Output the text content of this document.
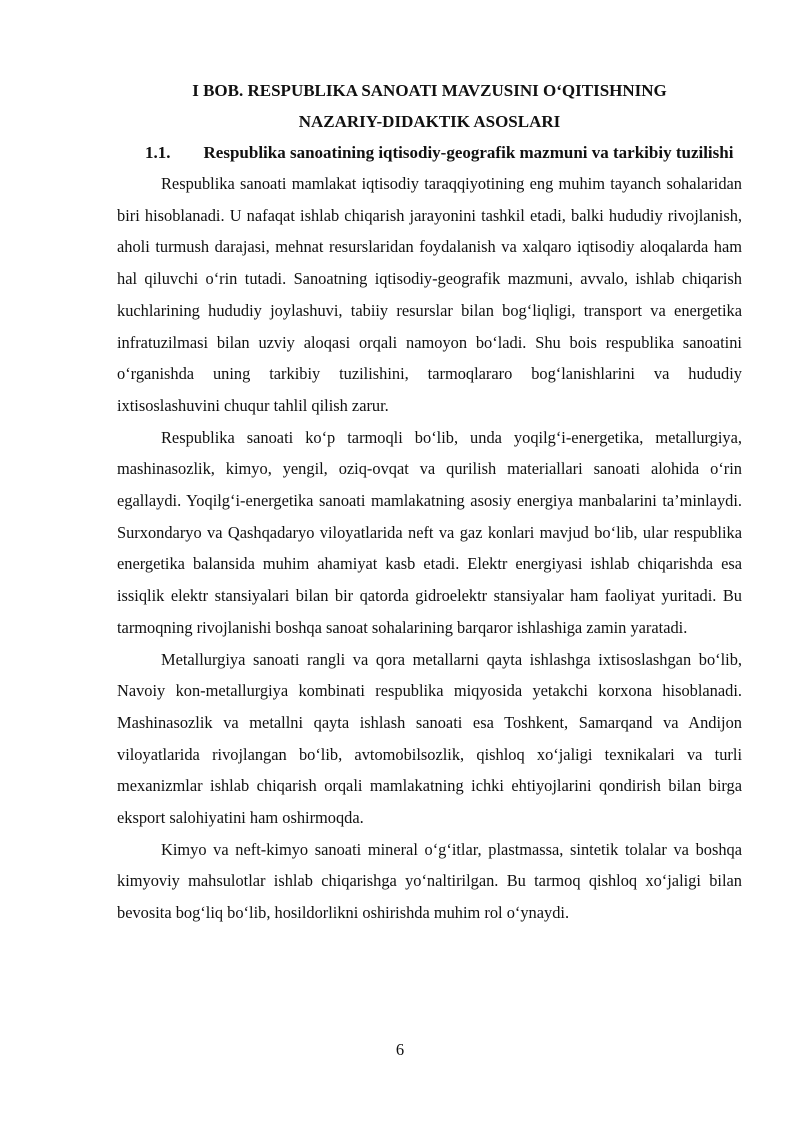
I BOB. RESPUBLIKA SANOATI MAVZUSINI O‘QITISHNING

NAZARIY-DIDAKTIK ASOSLARI

1.1.	Respublika sanoatining iqtisodiy-geografik mazmuni va tarkibiy tuzilishi

Respublika sanoati mamlakat iqtisodiy taraqqiyotining eng muhim tayanch sohalaridan biri hisoblanadi. U nafaqat ishlab chiqarish jarayonini tashkil etadi, balki hududiy rivojlanish, aholi turmush darajasi, mehnat resurslaridan foydalanish va xalqaro iqtisodiy aloqalarda ham hal qiluvchi o‘rin tutadi. Sanoatning iqtisodiy-geografik mazmuni, avvalo, ishlab chiqarish kuchlarining hududiy joylashuvi, tabiiy resurslar bilan bog‘liqligi, transport va energetika infratuzilmasi bilan uzviy aloqasi orqali namoyon bo‘ladi. Shu bois respublika sanoatini o‘rganishda uning tarkibiy tuzilishini, tarmoqlararo bog‘lanishlarini va hududiy ixtisoslashuvini chuqur tahlil qilish zarur.

Respublika sanoati ko‘p tarmoqli bo‘lib, unda yoqilg‘i-energetika, metallurgiya, mashinasozlik, kimyo, yengil, oziq-ovqat va qurilish materiallari sanoati alohida o‘rin egallaydi. Yoqilg‘i-energetika sanoati mamlakatning asosiy energiya manbalarini ta’minlaydi. Surxondaryo va Qashqadaryo viloyatlarida neft va gaz konlari mavjud bo‘lib, ular respublika energetika balansida muhim ahamiyat kasb etadi. Elektr energiyasi ishlab chiqarishda esa issiqlik elektr stansiyalari bilan bir qatorda gidroelektr stansiyalar ham faoliyat yuritadi. Bu tarmoqning rivojlanishi boshqa sanoat sohalarining barqaror ishlashiga zamin yaratadi.

Metallurgiya sanoati rangli va qora metallarni qayta ishlashga ixtisoslashgan bo‘lib, Navoiy kon-metallurgiya kombinati respublika miqyosida yetakchi korxona hisoblanadi. Mashinasozlik va metallni qayta ishlash sanoati esa Toshkent, Samarqand va Andijon viloyatlarida rivojlangan bo‘lib, avtomobilsozlik, qishloq xo‘jaligi texnikalari va turli mexanizmlar ishlab chiqarish orqali mamlakatning ichki ehtiyojlarini qondirish bilan birga eksport salohiyatini ham oshirmoqda.

Kimyo va neft-kimyo sanoati mineral o‘g‘itlar, plastmassa, sintetik tolalar va boshqa kimyoviy mahsulotlar ishlab chiqarishga yo‘naltirilgan. Bu tarmoq qishloq xo‘jaligi bilan bevosita bog‘liq bo‘lib, hosildorlikni oshirishda muhim rol o‘ynaydi.

6
